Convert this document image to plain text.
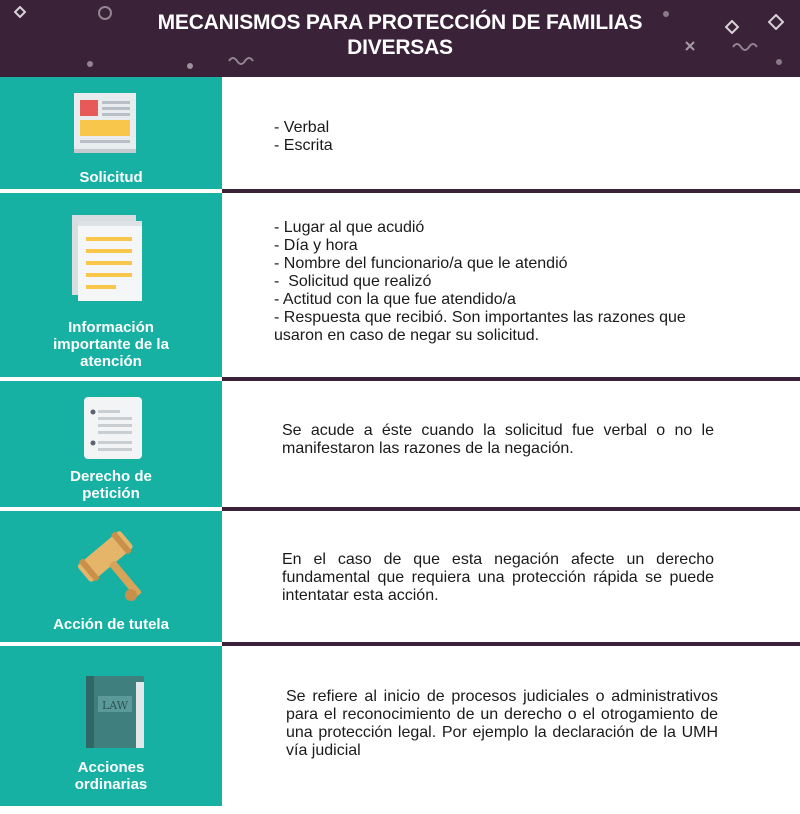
MECANISMOS PARA PROTECCIÓN DE FAMILIAS
DIVERSAS
Solicitud
- Verbal
- Escrita
Información
importante de la
atención
- Lugar al que acudió
- Día y hora
- Nombre del funcionario/a que le atendió
-  Solicitud que realizó
- Actitud con la que fue atendido/a
- Respuesta que recibió. Son importantes las razones que
usaron en caso de negar su solicitud.
Derecho de
petición
Se acude a éste cuando la solicitud fue verbal o no le manifestaron las razones de la negación.
Acción de tutela
En el caso de que esta negación afecte un derecho fundamental que requiera una protección rápida se puede intentatar esta acción.
LAW
Acciones
ordinarias
Se refiere al inicio de procesos judiciales o administrativos para el reconocimiento de un derecho o el otrogamiento de una protección legal. Por ejemplo la declaración de la UMH vía judicial
